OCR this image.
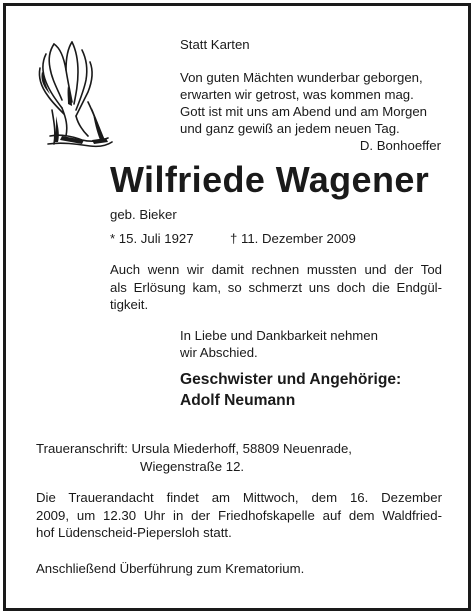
Statt Karten
Von guten Mächten wunderbar geborgen,
erwarten wir getrost, was kommen mag.
Gott ist mit uns am Abend und am Morgen
und ganz gewiß an jedem neuen Tag.
D. Bonhoeffer
Wilfriede Wagener
geb. Bieker
* 15. Juli 1927	† 11. Dezember 2009
Auch wenn wir damit rechnen mussten und der Tod
als Erlösung kam, so schmerzt uns doch die Endgül-
tigkeit.
In Liebe und Dankbarkeit nehmen
wir Abschied.
Geschwister und Angehörige:
Adolf Neumann
Traueranschrift: Ursula Miederhoff, 58809 Neuenrade,
Wiegenstraße 12.
Die Trauerandacht findet am Mittwoch, dem 16. Dezember
2009, um 12.30 Uhr in der Friedhofskapelle auf dem Waldfried-
hof Lüdenscheid-Piepersloh statt.
Anschließend Überführung zum Krematorium.
